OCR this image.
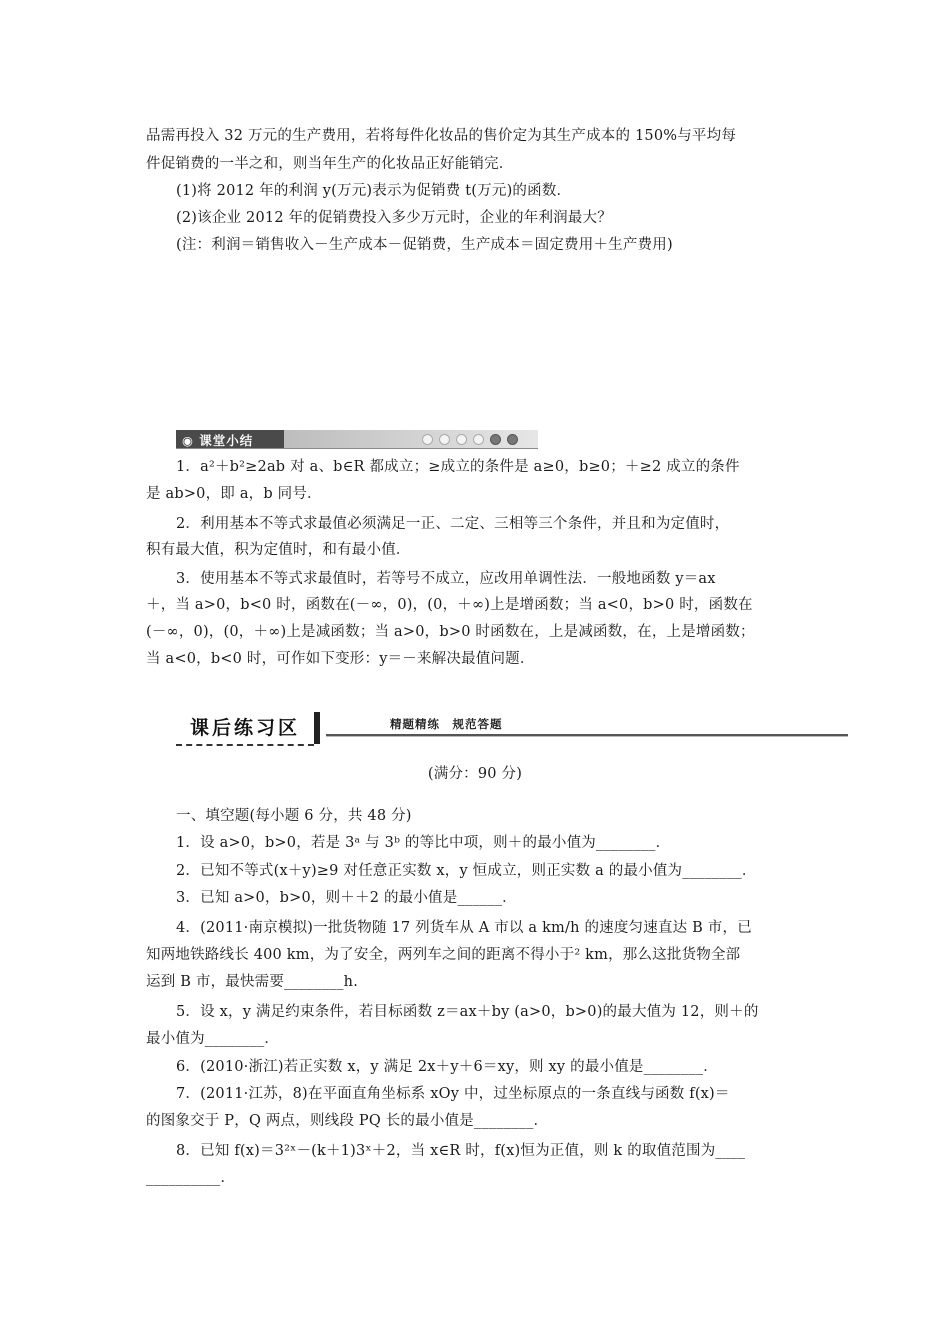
品需再投入 32 万元的生产费用，若将每件化妆品的售价定为其生产成本的 150%与平均每
件促销费的一半之和，则当年生产的化妆品正好能销完．
(1)将 2012 年的利润 y(万元)表示为促销费 t(万元)的函数．
(2)该企业 2012 年的促销费投入多少万元时，企业的年利润最大？
(注：利润＝销售收入－生产成本－促销费，生产成本＝固定费用＋生产费用)
◉ 课堂小结
1．a²＋b²≥2ab 对 a、b∈R 都成立；≥成立的条件是 a≥0，b≥0；＋≥2 成立的条件
是 ab>0，即 a，b 同号．
2．利用基本不等式求最值必须满足一正、二定、三相等三个条件，并且和为定值时，
积有最大值，积为定值时，和有最小值．
3．使用基本不等式求最值时，若等号不成立，应改用单调性法．一般地函数 y＝ax
＋，当 a>0，b<0 时，函数在(－∞，0)，(0，＋∞)上是增函数；当 a<0，b>0 时，函数在
(－∞，0)，(0，＋∞)上是减函数；当 a>0，b>0 时函数在，上是减函数，在，上是增函数；
当 a<0，b<0 时，可作如下变形：y＝－来解决最值问题．
课后练习区	精题精练　规范答题
(满分：90 分)
一、填空题(每小题 6 分，共 48 分)
1．设 a>0，b>0，若是 3ᵃ 与 3ᵇ 的等比中项，则＋的最小值为________．
2．已知不等式(x＋y)≥9 对任意正实数 x，y 恒成立，则正实数 a 的最小值为________．
3．已知 a>0，b>0，则＋＋2 的最小值是______．
4．(2011·南京模拟)一批货物随 17 列货车从 A 市以 a km/h 的速度匀速直达 B 市，已
知两地铁路线长 400 km，为了安全，两列车之间的距离不得小于² km，那么这批货物全部
运到 B 市，最快需要________h.
5．设 x，y 满足约束条件，若目标函数 z＝ax＋by (a>0，b>0)的最大值为 12，则＋的
最小值为________．
6．(2010·浙江)若正实数 x，y 满足 2x＋y＋6＝xy，则 xy 的最小值是________．
7．(2011·江苏，8)在平面直角坐标系 xOy 中，过坐标原点的一条直线与函数 f(x)＝
的图象交于 P，Q 两点，则线段 PQ 长的最小值是________．
8．已知 f(x)＝3²ˣ－(k＋1)3ˣ＋2，当 x∈R 时，f(x)恒为正值，则 k 的取值范围为____
__________．
